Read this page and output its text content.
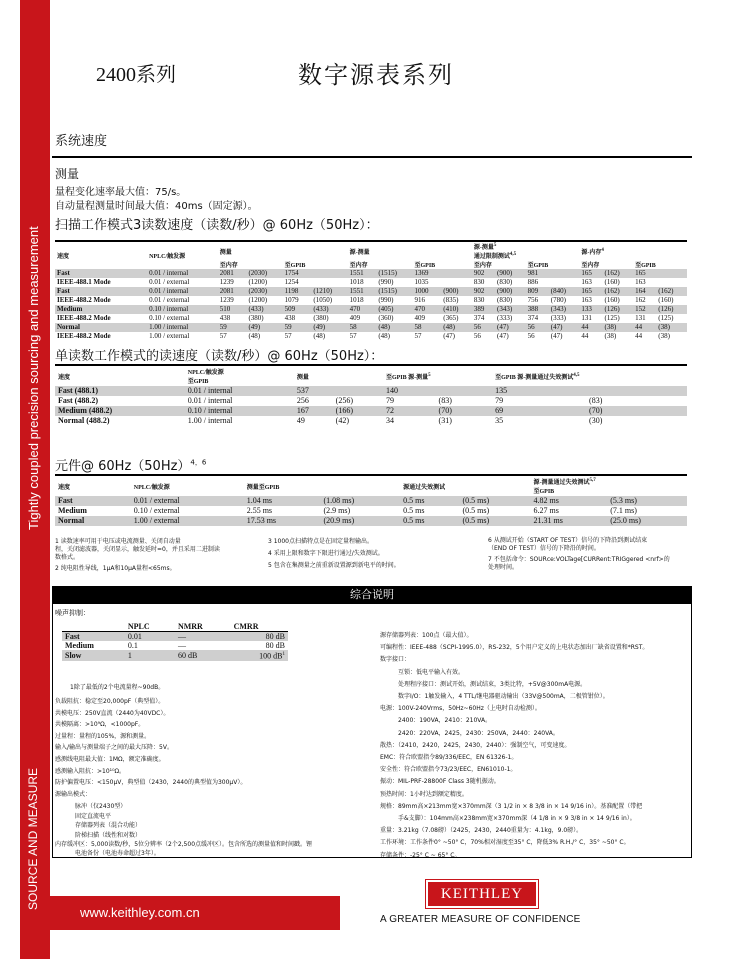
Tightly coupled precision sourcing and measurement
SOURCE AND MEASURE
www.keithley.com.cn
2400系列	数字源表系列
系统速度
测量
量程变化速率最大值：75/s。
自动量程测量时间最大值：40ms（固定源）。
扫描工作模式3读数速度（读数/秒）@ 60Hz（50Hz）：
速度	NPLC/触发源	测量				源-测量				源-测量$^5$
通过限制测试$^{4,5}$				源-内存$^4$
		至内存		至GPIB		至内存		至GPIB		至内存		至GPIB		至内存		至GPIB	
Fast	0.01 / internal	2081	(2030)	1754		1551	(1515)	1369		902	(900)	981		165	(162)	165	
IEEE-488.1 Mode	0.01 / external	1239	(1200)	1254		1018	(990)	1035		830	(830)	886		163	(160)	163	
Fast	0.01 / internal	2081	(2030)	1198	(1210)	1551	(1515)	1000	(900)	902	(900)	809	(840)	165	(162)	164	(162)
IEEE-488.2 Mode	0.01 / external	1239	(1200)	1079	(1050)	1018	(990)	916	(835)	830	(830)	756	(780)	163	(160)	162	(160)
Medium	0.10 / internal	510	(433)	509	(433)	470	(405)	470	(410)	389	(343)	388	(343)	133	(126)	152	(126)
IEEE-488.2 Mode	0.10 / external	438	(380)	438	(380)	409	(360)	409	(365)	374	(333)	374	(333)	131	(125)	131	(125)
Normal	1.00 / internal	59	(49)	59	(49)	58	(48)	58	(48)	56	(47)	56	(47)	44	(38)	44	(38)
IEEE-488.2 Mode	1.00 / external	57	(48)	57	(48)	57	(48)	57	(47)	56	(47)	56	(47)	44	(38)	44	(38)
单读数工作模式的读速度（读数/秒）@ 60Hz（50Hz）：
速度	NPLC/触发源
至GPIB	测量		至GPIB 源-测量$^5$		至GPIB 源-测量通过失效测试$^{4,5}$
Fast (488.1)	0.01 / internal	537		140		135	
Fast (488.2)	0.01 / internal	256	(256)	79	(83)	79	(83)
Medium (488.2)	0.10 / internal	167	(166)	72	(70)	69	(70)
Normal (488.2)	1.00 / internal	49	(42)	34	(31)	35	(30)
元件@ $60Hz(50Hz)^{4,6}$
速度	NPLC/触发源	测量至GPIB		源通过失效测试		源-测量通过失效测试$^{5,7}$
至GPIB	
Fast	0.01 / external	1.04 ms	(1.08 ms)	0.5 ms	(0.5 ms)	4.82 ms	(5.3 ms)
Medium	0.10 / external	2.55 ms	(2.9 ms)	0.5 ms	(0.5 ms)	6.27 ms	(7.1 ms)
Normal	1.00 / external	17.53 ms	(20.9 ms)	0.5 ms	(0.5 ms)	21.31 ms	(25.0 ms)
1 读数速率可用于电压或电流测量、关闭自动量
程，关闭滤波器，关闭显示，触发延时=0，并且采用二进制读
数格式。
2 纯电阻性导线，1μA和10μA量程<65ms。
3 1000点扫描特点是在固定量程输出。
4 采用上限和数字下限进行通过/失效测试。
5 包含在集测量之前重新设置源到新电平的时间。
6 从测试开始（START OF TEST）信号的下降沿到测试结束
（END OF TEST）信号的下降沿的时间。
7 不包括命令：SOURce:VOLTage[CURRent:TRIGgered <nrf>的
处理时间。
综合说明
噪声抑制：
	NPLC	NMRR	CMRR
Fast	0.01	—	80 dB
Medium	0.1	—	80 dB
Slow	1	60 dB	100 $dB^1$
1除了最低的2个电流量程~90dB。
负载阻抗：稳定至20,000pF（典型值）。
共模电压：250V直流（2440为40VDC）。
共模隔离：>10⁹Ω，<1000pF。
过量程：量程的105%，源和测量。
输入/输出与测量端子之间的最大压降：5V。
感测线电阻最大值：1MΩ，额定准确度。
感测输入阻抗：>10¹⁰Ω。
防护偏置电压：<150μV，典型值（2430，2440的典型值为300μV）。
源输出模式：
脉冲（仅2430型）
固定直流电平
存储器列表（混合功能）
阶梯扫描（线性和对数）
内存缓冲区：5,000读数/秒，5位分辨率（2个2,500点缓冲区）。包含所选的测量值和时间戳。锂
电池备份（电池寿命超过3年）。
源存储器列表：100点（最大值）。
可编程性：IEEE-488（SCPI-1995.0），RS-232，5个用户定义的上电状态加出厂缺省设置和*RST。
数字接口：
互锁：低电平输入有效。
处理程序接口：测试开始，测试结束，3类比特，+5V@300mA电源。
数字I/O：1触发输入，4 TTL/继电器驱动输出（33V@500mA，二极管钳位）。
电源：100V-240Vrms，50Hz~60Hz（上电时自动检测）。
2400：190VA，2410：210VA。
2420：220VA，2425，2430：250VA，2440：240VA。
散热：（2410，2420，2425，2430，2440）：强制空气，可变速度。
EMC：符合欧盟指令89/336/EEC，EN 61326-1。
安全性：符合欧盟指令73/23/EEC，EN61010-1。
振动：MIL-PRF-28800F Class 3随机振动。
预热时间：1小时达到额定精度。
规格：89mm高×213mm宽×370mm深（3 1/2 in × 8 3/8 in × 14 9/16 in）。基准配置（带把
手&支脚）：104mm高×238mm宽×370mm深（4 1/8 in × 9 3/8 in × 14 9/16 in）。
重量：3.21kg（7.08磅）（2425，2430，2440重量为：4.1kg，9.0磅）。
工作环境：工作条件0° ~50° C，70%相对湿度至35° C，降低3% R.H./° C，35° ~50° C。
存储条件：-25° C ~ 65° C。
KEITHLEY
A GREATER MEASURE OF CONFIDENCE
